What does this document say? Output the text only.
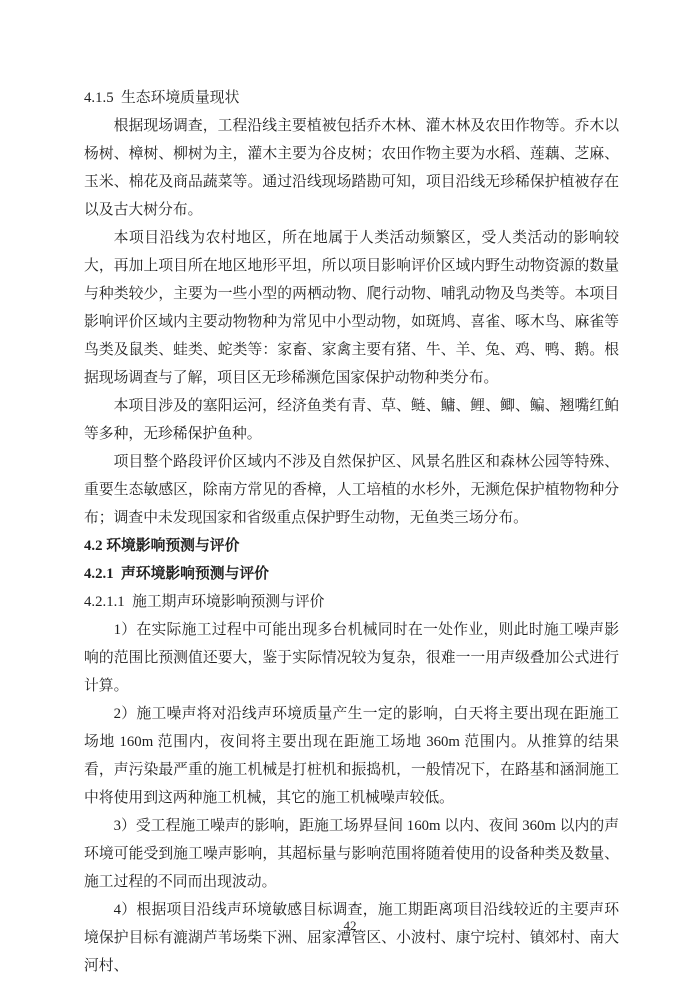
4.1.5  生态环境质量现状

根据现场调查，工程沿线主要植被包括乔木林、灌木林及农田作物等。乔木以杨树、樟树、柳树为主，灌木主要为谷皮树；农田作物主要为水稻、莲藕、芝麻、玉米、棉花及商品蔬菜等。通过沿线现场踏勘可知，项目沿线无珍稀保护植被存在以及古大树分布。

本项目沿线为农村地区，所在地属于人类活动频繁区，受人类活动的影响较大，再加上项目所在地区地形平坦，所以项目影响评价区域内野生动物资源的数量与种类较少，主要为一些小型的两栖动物、爬行动物、哺乳动物及鸟类等。本项目影响评价区域内主要动物物种为常见中小型动物，如斑鸠、喜雀、啄木鸟、麻雀等鸟类及鼠类、蛙类、蛇类等：家畜、家禽主要有猪、牛、羊、兔、鸡、鸭、鹅。根据现场调查与了解，项目区无珍稀濒危国家保护动物种类分布。

本项目涉及的塞阳运河，经济鱼类有青、草、鲢、鳙、鲤、鲫、鳊、翘嘴红鲌等多种，无珍稀保护鱼种。

项目整个路段评价区域内不涉及自然保护区、风景名胜区和森林公园等特殊、重要生态敏感区，除南方常见的香樟，人工培植的水杉外，无濒危保护植物物种分布；调查中未发现国家和省级重点保护野生动物，无鱼类三场分布。

4.2 环境影响预测与评价
4.2.1  声环境影响预测与评价
4.2.1.1  施工期声环境影响预测与评价

1）在实际施工过程中可能出现多台机械同时在一处作业，则此时施工噪声影响的范围比预测值还要大，鉴于实际情况较为复杂，很难一一用声级叠加公式进行计算。

2）施工噪声将对沿线声环境质量产生一定的影响，白天将主要出现在距施工场地 160m 范围内，夜间将主要出现在距施工场地 360m 范围内。从推算的结果看，声污染最严重的施工机械是打桩机和振捣机，一般情况下，在路基和涵洞施工中将使用到这两种施工机械，其它的施工机械噪声较低。

3）受工程施工噪声的影响，距施工场界昼间 160m 以内、夜间 360m 以内的声环境可能受到施工噪声影响，其超标量与影响范围将随着使用的设备种类及数量、施工过程的不同而出现波动。

4）根据项目沿线声环境敏感目标调查，施工期距离项目沿线较近的主要声环境保护目标有漉湖芦苇场柴下洲、屈家潭管区、小波村、康宁垸村、镇郊村、南大河村、

42
